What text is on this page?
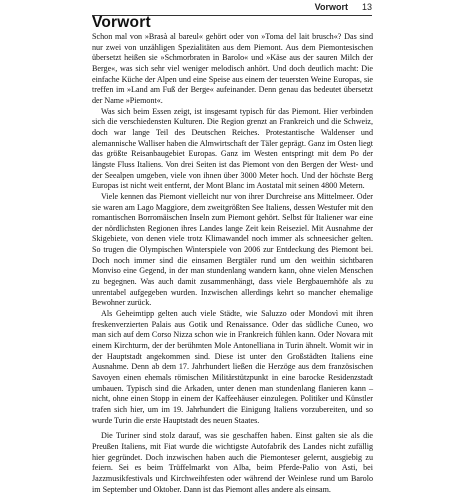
Vorwort 13
Vorwort

Schon mal von »Brasà al bareul« gehört oder von »Toma del lait brusch«? Das sind nur zwei von unzähligen Spezialitäten aus dem Piemont. Aus dem Piemontesischen übersetzt heißen sie »Schmorbraten in Barolo« und »Käse aus der sauren Milch der Berge«, was sich sehr viel weniger melodisch anhört. Und doch deutlich macht: Die einfache Küche der Alpen und eine Speise aus einem der teuersten Weine Europas, sie treffen im »Land am Fuß der Berge« aufeinander. Denn genau das bedeutet übersetzt der Name »Piemont«.

Was sich beim Essen zeigt, ist insgesamt typisch für das Piemont. Hier verbinden sich die verschiedensten Kulturen. Die Region grenzt an Frankreich und die Schweiz, doch war lange Teil des Deutschen Reiches. Protestantische Waldenser und alemannische Walliser haben die Almwirtschaft der Täler geprägt. Ganz im Osten liegt das größte Reisanbaugebiet Europas. Ganz im Westen entspringt mit dem Po der längste Fluss Italiens. Von drei Seiten ist das Piemont von den Bergen der West- und der Seealpen umgeben, viele von ihnen über 3000 Meter hoch. Und der höchste Berg Europas ist nicht weit entfernt, der Mont Blanc im Aostatal mit seinen 4800 Metern.

Viele kennen das Piemont vielleicht nur von ihrer Durchreise ans Mittelmeer. Oder sie waren am Lago Maggiore, dem zweitgrößten See Italiens, dessen Westufer mit den romantischen Borromäischen Inseln zum Piemont gehört. Selbst für Italiener war eine der nördlichsten Regionen ihres Landes lange Zeit kein Reiseziel. Mit Ausnahme der Skigebiete, von denen viele trotz Klimawandel noch immer als schneesicher gelten. So trugen die Olympischen Winterspiele von 2006 zur Entdeckung des Piemont bei. Doch noch immer sind die einsamen Bergtäler rund um den weithin sichtbaren Monviso eine Gegend, in der man stundenlang wandern kann, ohne vielen Menschen zu begegnen. Was auch damit zusammenhängt, dass viele Bergbauernhöfe als zu unrentabel aufgegeben wurden. Inzwischen allerdings kehrt so mancher ehemalige Bewohner zurück.

Als Geheimtipp gelten auch viele Städte, wie Saluzzo oder Mondovì mit ihren freskenverzierten Palais aus Gotik und Renaissance. Oder das südliche Cuneo, wo man sich auf dem Corso Nizza schon wie in Frankreich fühlen kann. Oder Novara mit einem Kirchturm, der der berühmten Mole Antonelliana in Turin ähnelt. Womit wir in der Hauptstadt angekommen sind. Diese ist unter den Großstädten Italiens eine Ausnahme. Denn ab dem 17. Jahrhundert ließen die Herzöge aus dem französischen Savoyen einen ehemals römischen Militärstützpunkt in eine barocke Residenzstadt umbauen. Typisch sind die Arkaden, unter denen man stundenlang flanieren kann – nicht, ohne einen Stopp in einem der Kaffeehäuser einzulegen. Politiker und Künstler trafen sich hier, um im 19. Jahrhundert die Einigung Italiens vorzubereiten, und so wurde Turin die erste Hauptstadt des neuen Staates.

Die Turiner sind stolz darauf, was sie geschaffen haben. Einst galten sie als die Preußen Italiens, mit Fiat wurde die wichtigste Autofabrik des Landes nicht zufällig hier gegründet. Doch inzwischen haben auch die Piemonteser gelernt, ausgiebig zu feiern. Sei es beim Trüffelmarkt von Alba, beim Pferde-Palio von Asti, bei Jazzmusikfestivals und Kirchweihfesten oder während der Weinlese rund um Barolo im September und Oktober. Dann ist das Piemont alles andere als einsam.
